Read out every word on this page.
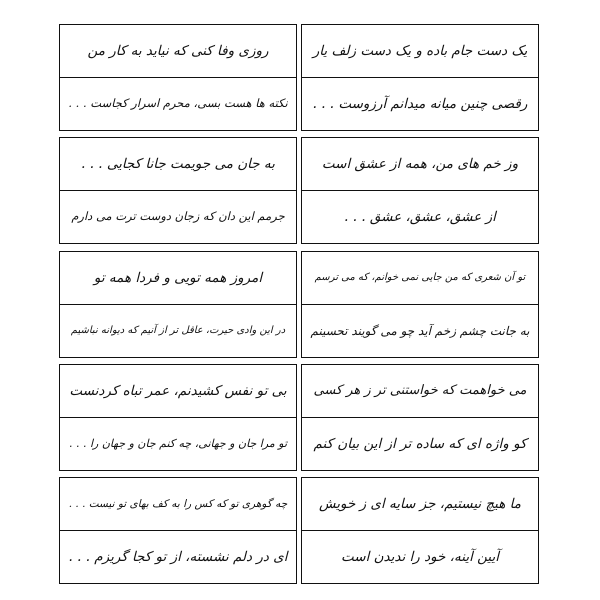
روزی وفا کنی که نیاید به کار من
نکته ها هست بسی، محرم اسرار کجاست . . .
به جان می جویمت جانا کجایی . . .
جرمم این دان که زجان دوست ترت می دارم
امروز همه تویی و فردا همه تو
در این وادی حیرت، عاقل تر از آنیم که دیوانه نباشیم
بی تو نفس کشیدنم، عمر تباه کردنست
تو مرا جان و جهانی، چه کنم جان و جهان را . . .
چه گوهری تو که کس را به کف بهای تو نیست . . .
ای در دلم نشسته، از تو کجا گریزم . . .
یک دست جام باده و یک دست زلف یار
رقصی چنین میانه میدانم آرزوست . . .
وز خم های من، همه از عشق است
از عشق، عشق، عشق . . .
تو آن شعری که من جایی نمی خوانم، که می ترسم
به جانت چشم زخم آید چو می گویند تحسینم
می خواهمت که خواستنی تر ز هر کسی
کو واژه ای که ساده تر از این بیان کنم
ما هیچ نیستیم، جز سایه ای ز خویش
آیین آینه، خود را ندیدن است
